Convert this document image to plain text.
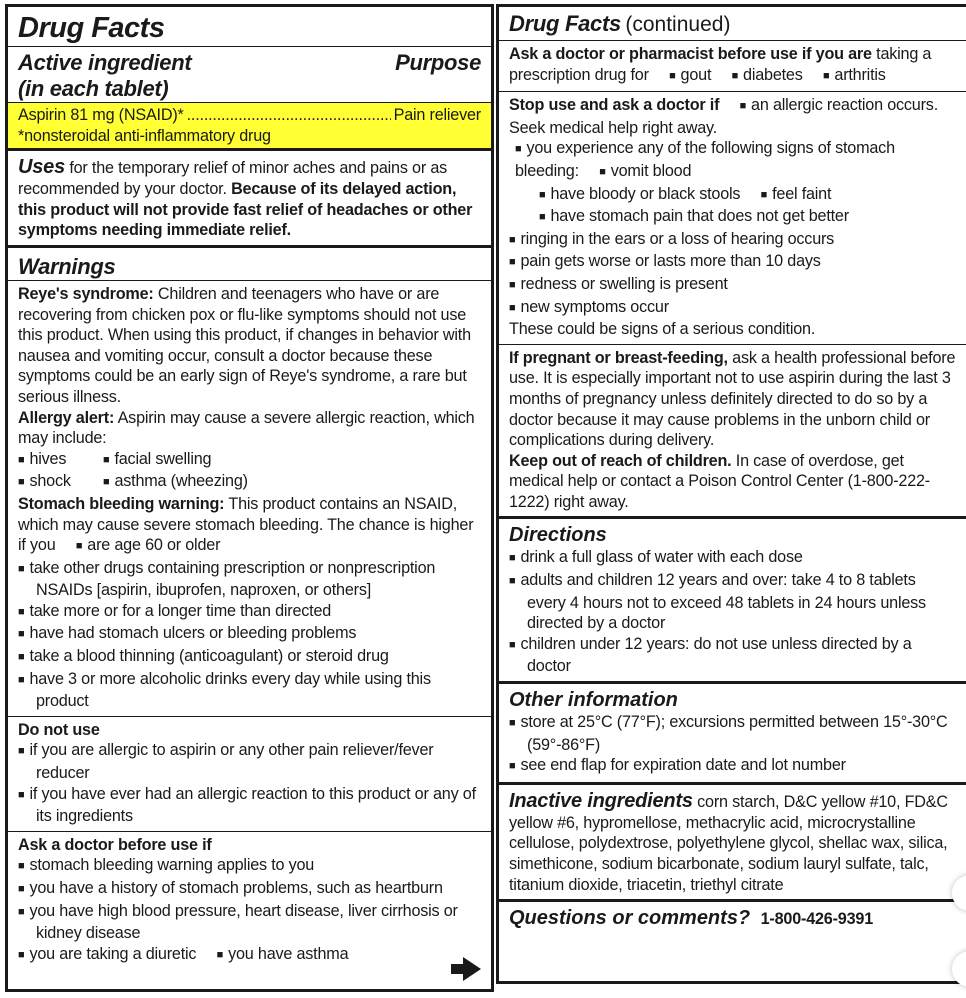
Drug Facts
Active ingredient	Purpose
(in each tablet)
Aspirin 81 mg (NSAID)* .....	Pain reliever
*nonsteroidal anti-inflammatory drug
Uses for the temporary relief of minor aches and pains or as recommended by your doctor. Because of its delayed action, this product will not provide fast relief of headaches or other symptoms needing immediate relief.
Warnings
Reye's syndrome: Children and teenagers who have or are recovering from chicken pox or flu-like symptoms should not use this product. When using this product, if changes in behavior with nausea and vomiting occur, consult a doctor because these symptoms could be an early sign of Reye's syndrome, a rare but serious illness.
Allergy alert: Aspirin may cause a severe allergic reaction, which may include:
■ hives	■ facial swelling
■ shock	■ asthma (wheezing)
Stomach bleeding warning: This product contains an NSAID, which may cause severe stomach bleeding. The chance is higher if you ■ are age 60 or older
■ take other drugs containing prescription or nonprescription NSAIDs [aspirin, ibuprofen, naproxen, or others]
■ take more or for a longer time than directed
■ have had stomach ulcers or bleeding problems
■ take a blood thinning (anticoagulant) or steroid drug
■ have 3 or more alcoholic drinks every day while using this product
Do not use
■ if you are allergic to aspirin or any other pain reliever/fever reducer
■ if you have ever had an allergic reaction to this product or any of its ingredients
Ask a doctor before use if
■ stomach bleeding warning applies to you
■ you have a history of stomach problems, such as heartburn
■ you have high blood pressure, heart disease, liver cirrhosis or kidney disease
■ you are taking a diuretic ■ you have asthma
Drug Facts (continued)
Ask a doctor or pharmacist before use if you are taking a prescription drug for ■ gout ■ diabetes ■ arthritis
Stop use and ask a doctor if ■ an allergic reaction occurs. Seek medical help right away.
■ you experience any of the following signs of stomach bleeding: ■ vomit blood
■ have bloody or black stools ■ feel faint
■ have stomach pain that does not get better
■ ringing in the ears or a loss of hearing occurs
■ pain gets worse or lasts more than 10 days
■ redness or swelling is present
■ new symptoms occur
These could be signs of a serious condition.
If pregnant or breast-feeding, ask a health professional before use. It is especially important not to use aspirin during the last 3 months of pregnancy unless definitely directed to do so by a doctor because it may cause problems in the unborn child or complications during delivery.
Keep out of reach of children. In case of overdose, get medical help or contact a Poison Control Center (1-800-222-1222) right away.
Directions
■ drink a full glass of water with each dose
■ adults and children 12 years and over: take 4 to 8 tablets every 4 hours not to exceed 48 tablets in 24 hours unless directed by a doctor
■ children under 12 years: do not use unless directed by a doctor
Other information
■ store at 25°C (77°F); excursions permitted between 15°-30°C (59°-86°F)
■ see end flap for expiration date and lot number
Inactive ingredients corn starch, D&C yellow #10, FD&C yellow #6, hypromellose, methacrylic acid, microcrystalline cellulose, polydextrose, polyethylene glycol, shellac wax, silica, simethicone, sodium bicarbonate, sodium lauryl sulfate, talc, titanium dioxide, triacetin, triethyl citrate
Questions or comments? 1-800-426-9391
